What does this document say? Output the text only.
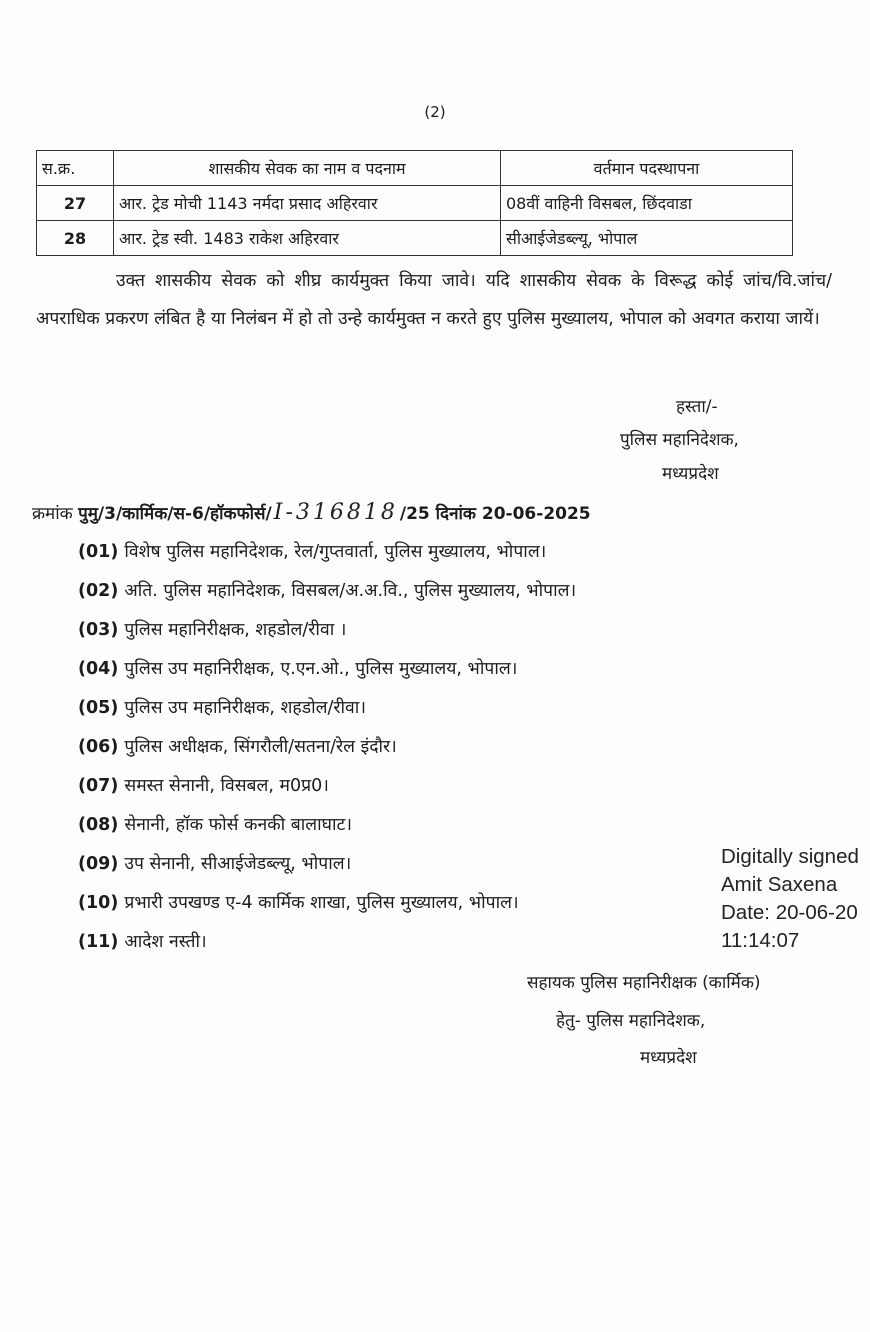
(2)
स.क्र.	शासकीय सेवक का नाम व पदनाम	वर्तमान पदस्थापना
27	आर. ट्रेड मोची 1143 नर्मदा प्रसाद अहिरवार	08वीं वाहिनी विसबल, छिंदवाडा
28	आर. ट्रेड स्वी. 1483 राकेश अहिरवार	सीआईजेडब्ल्यू, भोपाल

उक्त शासकीय सेवक को शीघ्र कार्यमुक्त किया जावे। यदि शासकीय सेवक के विरूद्ध कोई जांच/वि.जांच/अपराधिक प्रकरण लंबित है या निलंबन में हो तो उन्हे कार्यमुक्त न करते हुए पुलिस मुख्यालय, भोपाल को अवगत कराया जायें।

हस्ता/-
पुलिस महानिदेशक,
मध्यप्रदेश
क्रमांक पुमु/3/कार्मिक/स-6/हॉकफोर्स/I-316818 /25 दिनांक 20-06-2025
(01) विशेष पुलिस महानिदेशक, रेल/गुप्तवार्ता, पुलिस मुख्यालय, भोपाल।
(02) अति. पुलिस महानिदेशक, विसबल/अ.अ.वि., पुलिस मुख्यालय, भोपाल।
(03) पुलिस महानिरीक्षक, शहडोल/रीवा ।
(04) पुलिस उप महानिरीक्षक, ए.एन.ओ., पुलिस मुख्यालय, भोपाल।
(05) पुलिस उप महानिरीक्षक, शहडोल/रीवा।
(06) पुलिस अधीक्षक, सिंगरौली/सतना/रेल इंदौर।
(07) समस्त सेनानी, विसबल, म0प्र0।
(08) सेनानी, हॉक फोर्स कनकी बालाघाट।
(09) उप सेनानी, सीआईजेडब्ल्यू, भोपाल।
(10) प्रभारी उपखण्ड ए-4 कार्मिक शाखा, पुलिस मुख्यालय, भोपाल।
(11) आदेश नस्ती।
Digitally signed
Amit Saxena
Date: 20-06-20
11:14:07
सहायक पुलिस महानिरीक्षक (कार्मिक)
हेतु- पुलिस महानिदेशक,
मध्यप्रदेश
